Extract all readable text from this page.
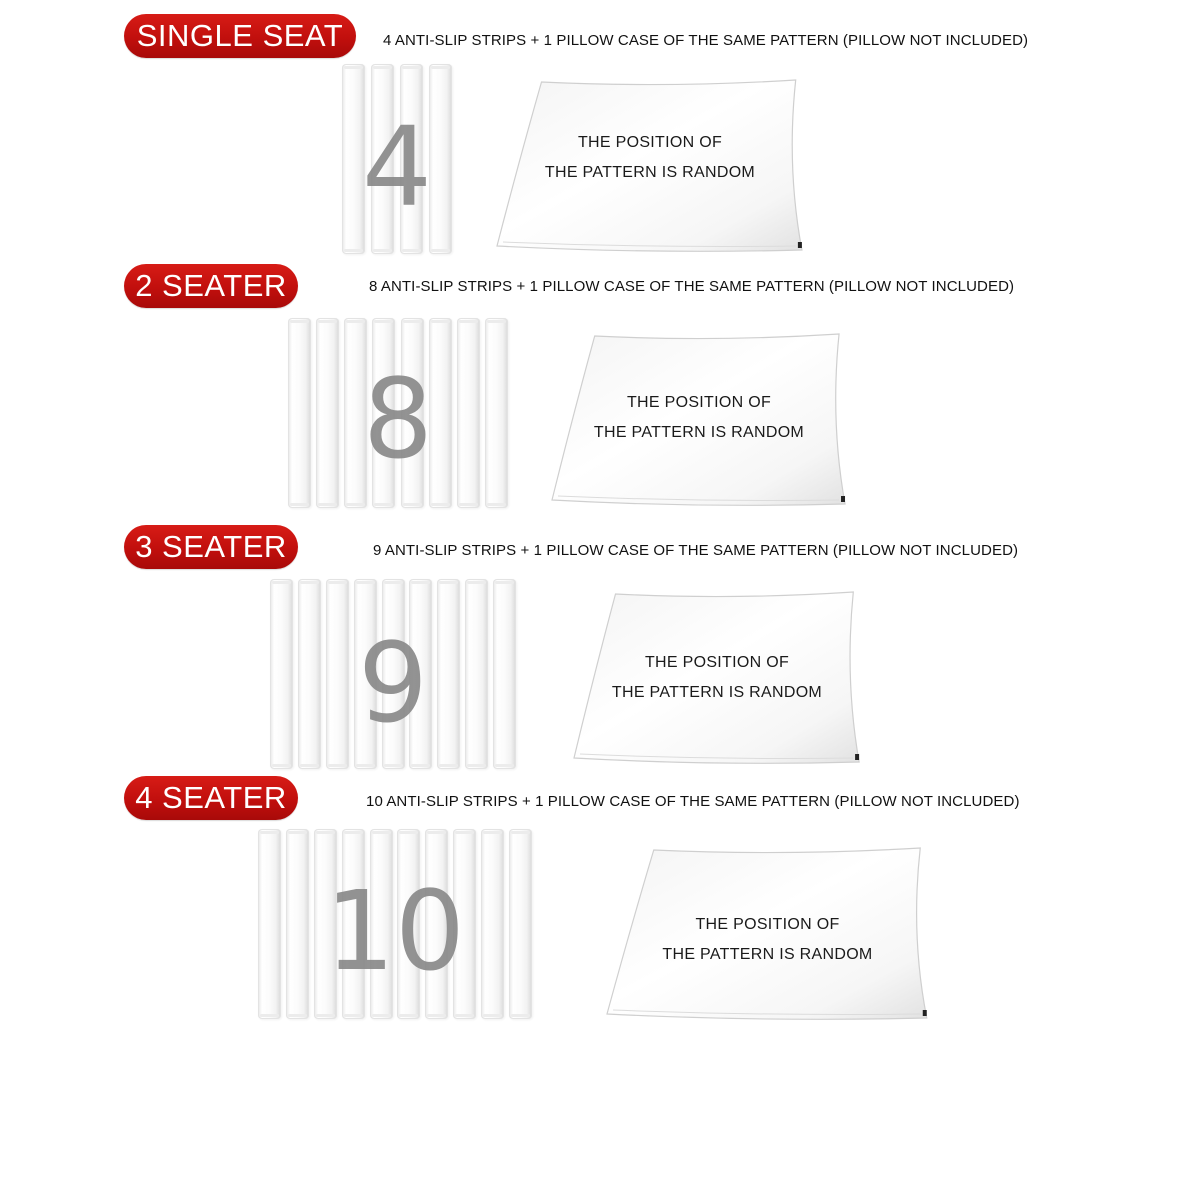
SINGLE SEAT	4 ANTI-SLIP STRIPS + 1 PILLOW CASE OF THE SAME PATTERN (PILLOW NOT INCLUDED)
4	THE POSITION OF
THE PATTERN IS RANDOM
2 SEATER	8 ANTI-SLIP STRIPS + 1 PILLOW CASE OF THE SAME PATTERN (PILLOW NOT INCLUDED)
8	THE POSITION OF
THE PATTERN IS RANDOM
3 SEATER	9 ANTI-SLIP STRIPS + 1 PILLOW CASE OF THE SAME PATTERN (PILLOW NOT INCLUDED)
9	THE POSITION OF
THE PATTERN IS RANDOM
4 SEATER	10 ANTI-SLIP STRIPS + 1 PILLOW CASE OF THE SAME PATTERN (PILLOW NOT INCLUDED)
10	THE POSITION OF
THE PATTERN IS RANDOM
